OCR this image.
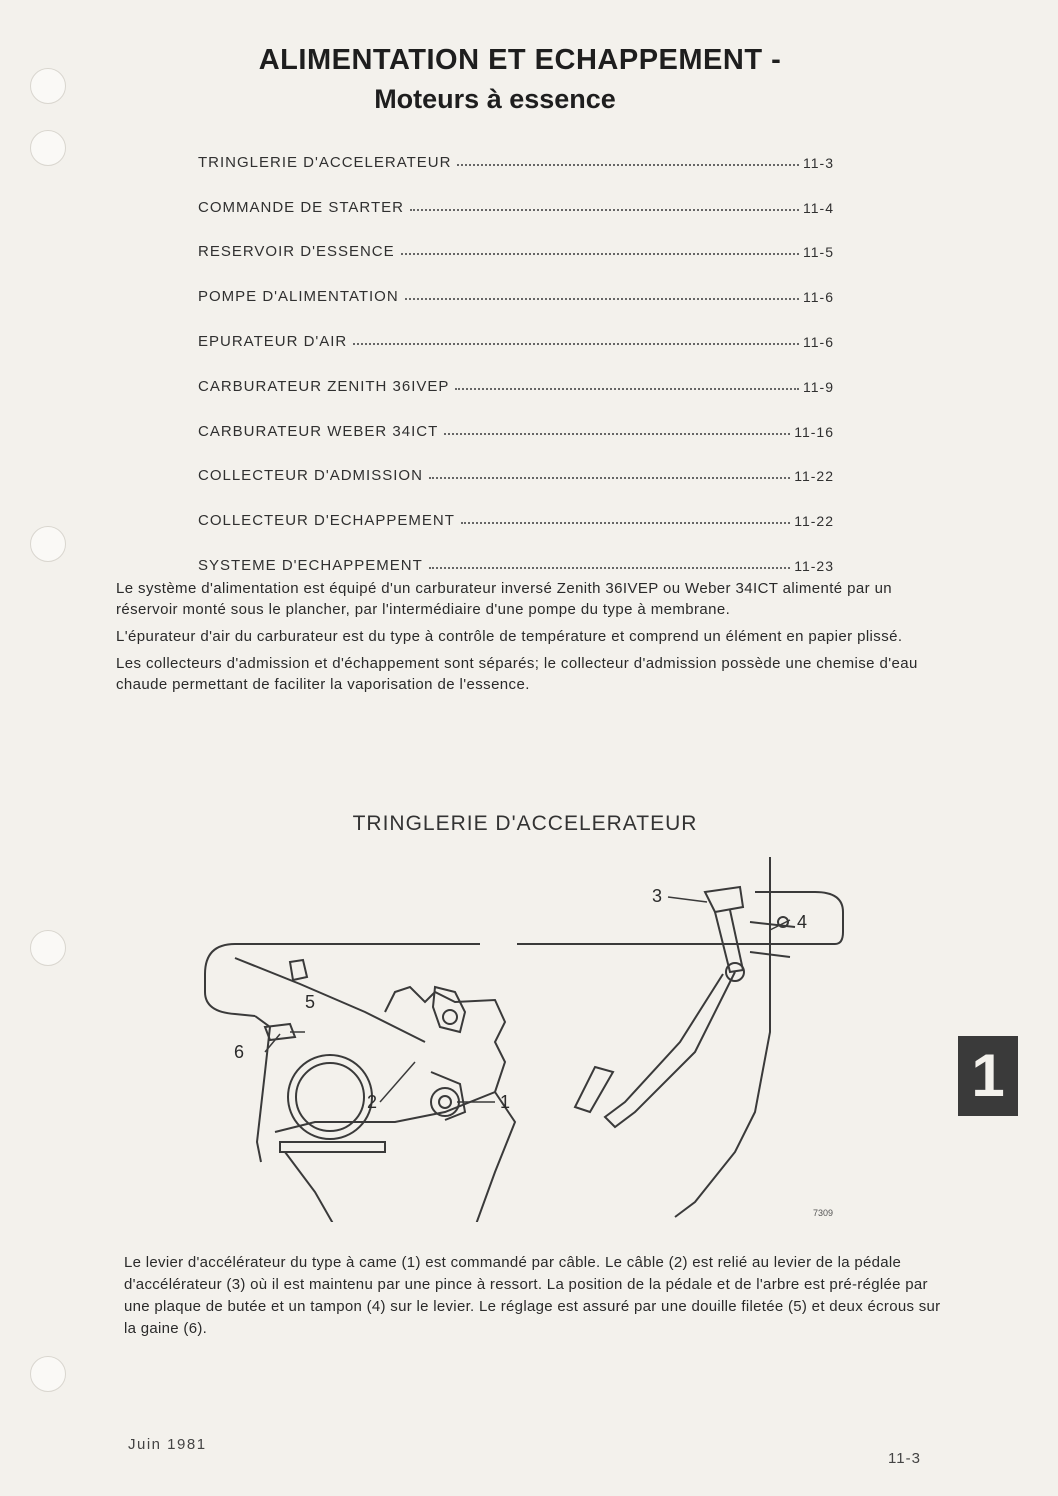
ALIMENTATION ET ECHAPPEMENT -
Moteurs à essence
TRINGLERIE D'ACCELERATEUR	11-3
COMMANDE DE STARTER	11-4
RESERVOIR D'ESSENCE	11-5
POMPE D'ALIMENTATION	11-6
EPURATEUR D'AIR	11-6
CARBURATEUR ZENITH 36IVEP	11-9
CARBURATEUR WEBER 34ICT	11-16
COLLECTEUR D'ADMISSION	11-22
COLLECTEUR D'ECHAPPEMENT	11-22
SYSTEME D'ECHAPPEMENT	11-23

Le système d'alimentation est équipé d'un carburateur inversé Zenith 36IVEP ou Weber 34ICT alimenté par un réservoir monté sous le plancher, par l'intermédiaire d'une pompe du type à membrane.

L'épurateur d'air du carburateur est du type à contrôle de température et comprend un élément en papier plissé.

Les collecteurs d'admission et d'échappement sont séparés; le collecteur d'admission possède une chemise d'eau chaude permettant de faciliter la vaporisation de l'essence.

TRINGLERIE D'ACCELERATEUR
3
4
5
6
2	1
7309
1

Le levier d'accélérateur du type à came (1) est commandé par câble. Le câble (2) est relié au levier de la pédale d'accélérateur (3) où il est maintenu par une pince à ressort. La position de la pédale et de l'arbre est pré-réglée par une plaque de butée et un tampon (4) sur le levier. Le réglage est assuré par une douille filetée (5) et deux écrous sur la gaine (6).

Juin 1981
11-3
